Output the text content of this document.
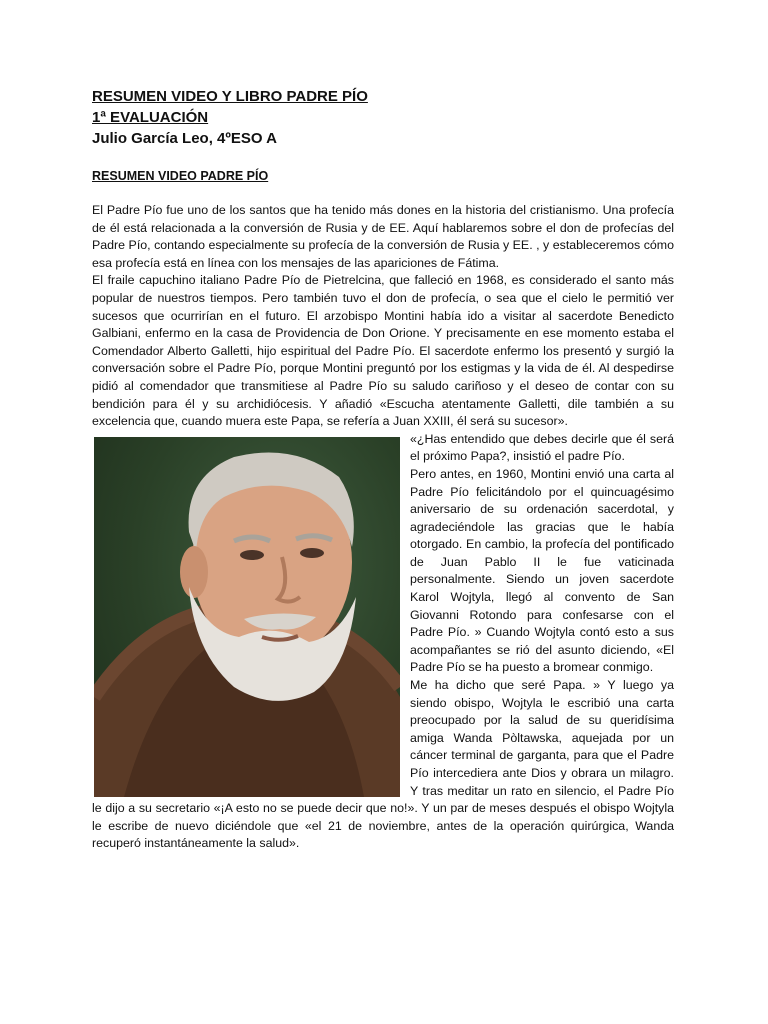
RESUMEN VIDEO Y LIBRO PADRE PÍO

1ª EVALUACIÓN

Julio García Leo, 4ºESO A

RESUMEN VIDEO PADRE PÍO

El Padre Pío fue uno de los santos que ha tenido más dones en la historia del cristianismo. Una profecía de él está relacionada a la conversión de Rusia y de EE. Aquí hablaremos sobre el don de profecías del Padre Pío, contando especialmente su profecía de la conversión de Rusia y EE. , y estableceremos cómo esa profecía está en línea con los mensajes de las apariciones de Fátima.

El fraile capuchino italiano Padre Pío de Pietrelcina, que falleció en 1968, es considerado el santo más popular de nuestros tiempos. Pero también tuvo el don de profecía, o sea que el cielo le permitió ver sucesos que ocurrirían en el futuro. El arzobispo Montini había ido a visitar al sacerdote Benedicto Galbiani, enfermo en la casa de Providencia de Don Orione. Y precisamente en ese momento estaba el Comendador Alberto Galletti, hijo espiritual del Padre Pío. El sacerdote enfermo los presentó y surgió la conversación sobre el Padre Pío, porque Montini preguntó por los estigmas y la vida de él. Al despedirse pidió al comendador que transmitiese al Padre Pío su saludo cariñoso y el deseo de contar con su bendición para él y su archidiócesis. Y añadió «Escucha atentamente Galletti, dile también a su excelencia que, cuando muera este Papa, se refería a Juan XXIII, él será su sucesor».

«¿Has entendido que debes decirle que él será el próximo Papa?, insistió el padre Pío.

Pero antes, en 1960, Montini envió una carta al Padre Pío felicitándolo por el quincuagésimo aniversario de su ordenación sacerdotal, y agradeciéndole las gracias que le había otorgado. En cambio, la profecía del pontificado de Juan Pablo II le fue vaticinada personalmente. Siendo un joven sacerdote Karol Wojtyla, llegó al convento de San Giovanni Rotondo para confesarse con el Padre Pío. » Cuando Wojtyla contó esto a sus acompañantes se rió del asunto diciendo, «El Padre Pío se ha puesto a bromear conmigo.

Me ha dicho que seré Papa. » Y luego ya siendo obispo, Wojtyla le escribió una carta preocupado por la salud de su queridísima amiga Wanda Pòltawska, aquejada por un cáncer terminal de garganta, para que el Padre Pío intercediera ante Dios y obrara un milagro. Y tras meditar un rato en silencio, el Padre Pío le dijo a su secretario «¡A esto no se puede decir que no!». Y un par de meses después el obispo Wojtyla le escribe de nuevo diciéndole que «el 21 de noviembre, antes de la operación quirúrgica, Wanda recuperó instantáneamente la salud».
